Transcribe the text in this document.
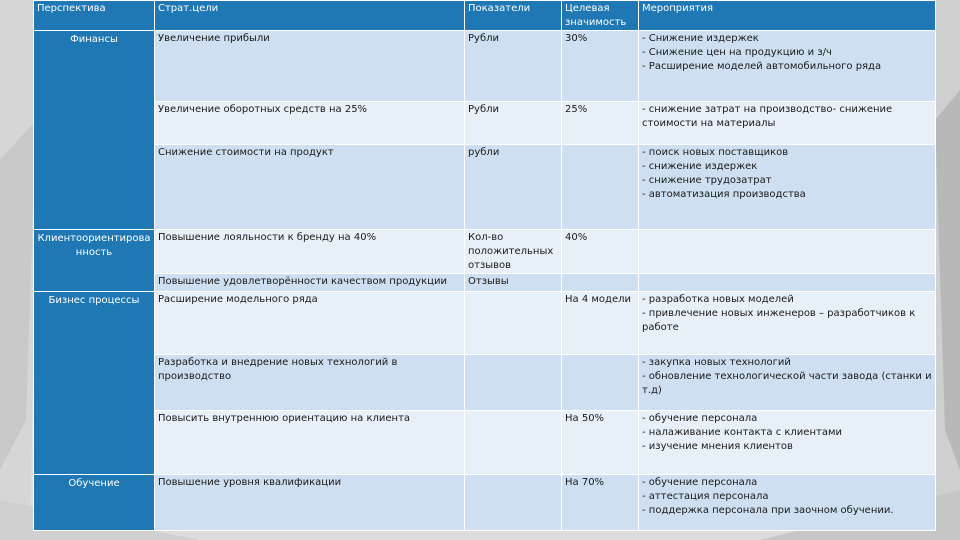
Перспектива	Страт.цели	Показатели	Целевая значимость	Мероприятия
Финансы	Увеличение прибыли	Рубли	30%	- Снижение издержек
- Снижение цен на продукцию и з/ч
- Расширение моделей автомобильного ряда

	Увеличение оборотных средств на 25%	Рубли	25%	- снижение затрат на производство- снижение стоимости на материалы

	Снижение стоимости на продукт	рубли		- поиск новых поставщиков
- снижение издержек
- снижение трудозатрат
- автоматизация производства

Клиентоориентированность	Повышение лояльности к бренду на 40%	Кол-во положительных отзывов	40%	
	Повышение удовлетворённости качеством продукции	Отзывы		
Бизнес процессы	Расширение модельного ряда		На 4 модели	- разработка новых моделей
- привлечение новых инженеров – разработчиков к работе

	Разработка и внедрение новых технологий в производство			- закупка новых технологий
- обновление технологической части завода (станки и т.д)

	Повысить внутреннюю ориентацию на клиента		На 50%	- обучение персонала
- налаживание контакта с клиентами
- изучение мнения клиентов

Обучение	Повышение уровня квалификации		На 70%	- обучение персонала
- аттестация персонала
- поддержка персонала при заочном обучении.
